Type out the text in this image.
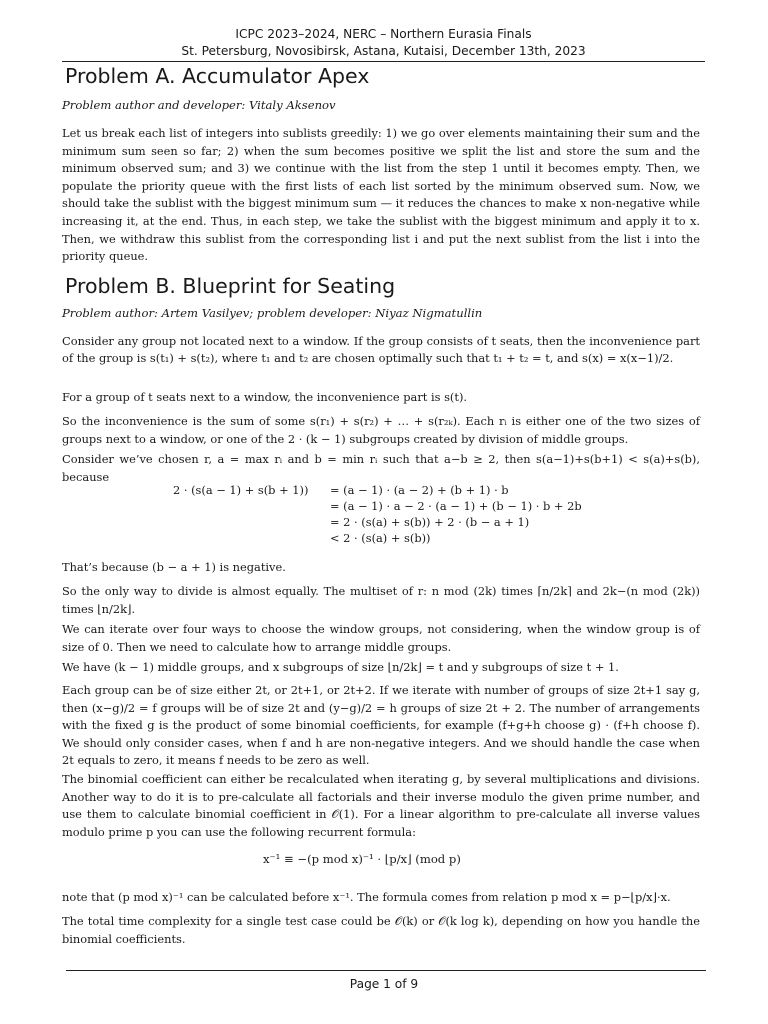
ICPC 2023–2024, NERC – Northern Eurasia Finals
St. Petersburg, Novosibirsk, Astana, Kutaisi, December 13th, 2023
Problem A. Accumulator Apex
Problem author and developer: Vitaly Aksenov

Let us break each list of integers into sublists greedily: 1) we go over elements maintaining their sum and the minimum sum seen so far; 2) when the sum becomes positive we split the list and store the sum and the minimum observed sum; and 3) we continue with the list from the step 1 until it becomes empty. Then, we populate the priority queue with the first lists of each list sorted by the minimum observed sum. Now, we should take the sublist with the biggest minimum sum — it reduces the chances to make x non-negative while increasing it, at the end. Thus, in each step, we take the sublist with the biggest minimum and apply it to x. Then, we withdraw this sublist from the corresponding list i and put the next sublist from the list i into the priority queue.

Problem B. Blueprint for Seating
Problem author: Artem Vasilyev; problem developer: Niyaz Nigmatullin

Consider any group not located next to a window. If the group consists of t seats, then the inconvenience part of the group is s(t₁) + s(t₂), where t₁ and t₂ are chosen optimally such that t₁ + t₂ = t, and s(x) = x(x−1)/2.

For a group of t seats next to a window, the inconvenience part is s(t).

So the inconvenience is the sum of some s(r₁) + s(r₂) + … + s(r₂ₖ). Each rᵢ is either one of the two sizes of groups next to a window, or one of the 2 · (k − 1) subgroups created by division of middle groups.

Consider we’ve chosen r, a = max rᵢ and b = min rᵢ such that a−b ≥ 2, then s(a−1)+s(b+1) < s(a)+s(b), because

2 · (s(a − 1) + s(b + 1)) = (a − 1) · (a − 2) + (b + 1) · b
= (a − 1) · a − 2 · (a − 1) + (b − 1) · b + 2b
= 2 · (s(a) + s(b)) + 2 · (b − a + 1)
< 2 · (s(a) + s(b))

That’s because (b − a + 1) is negative.

So the only way to divide is almost equally. The multiset of r: n mod (2k) times ⌈n/2k⌉ and 2k−(n mod (2k)) times ⌊n/2k⌋.

We can iterate over four ways to choose the window groups, not considering, when the window group is of size of 0. Then we need to calculate how to arrange middle groups.

We have (k − 1) middle groups, and x subgroups of size ⌊n/2k⌋ = t and y subgroups of size t + 1.

Each group can be of size either 2t, or 2t+1, or 2t+2. If we iterate with number of groups of size 2t+1 say g, then (x−g)/2 = f groups will be of size 2t and (y−g)/2 = h groups of size 2t + 2. The number of arrangements with the fixed g is the product of some binomial coefficients, for example (f+g+h choose g) · (f+h choose f). We should only consider cases, when f and h are non-negative integers. And we should handle the case when 2t equals to zero, it means f needs to be zero as well.

The binomial coefficient can either be recalculated when iterating g, by several multiplications and divisions. Another way to do it is to pre-calculate all factorials and their inverse modulo the given prime number, and use them to calculate binomial coefficient in 𝒪(1). For a linear algorithm to pre-calculate all inverse values modulo prime p you can use the following recurrent formula:

x⁻¹ ≡ −(p mod x)⁻¹ · ⌊p/x⌋ (mod p)

note that (p mod x)⁻¹ can be calculated before x⁻¹. The formula comes from relation p mod x = p−⌊p/x⌋·x.

The total time complexity for a single test case could be 𝒪(k) or 𝒪(k log k), depending on how you handle the binomial coefficients.

Page 1 of 9
